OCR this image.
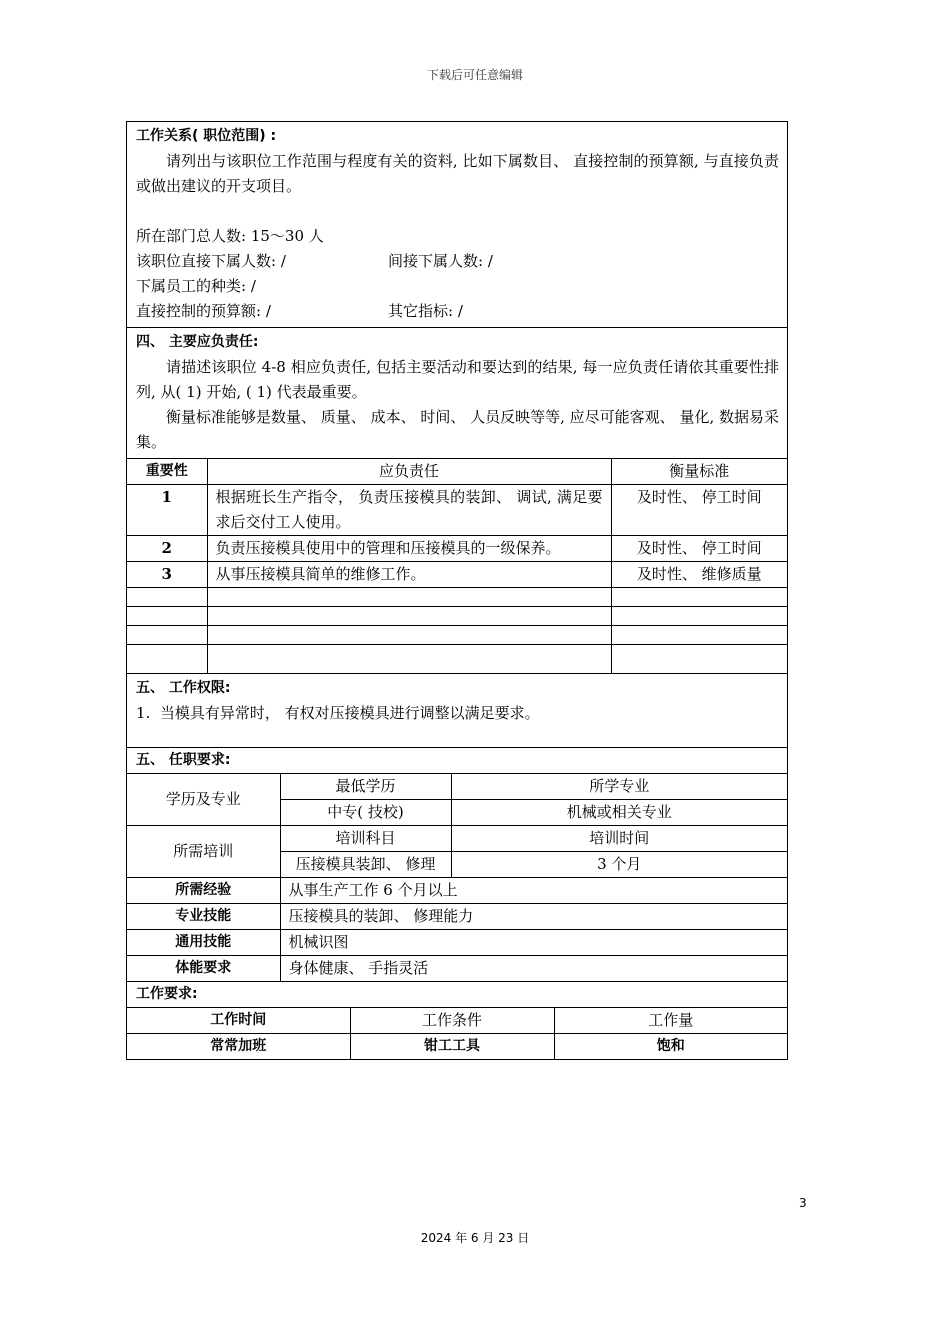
下载后可任意编辑
工作关系( 职位范围) :
请列出与该职位工作范围与程度有关的资料, 比如下属数目、 直接控制的预算额, 与直接负责或做出建议的开支项目。
所在部门总人数: 15～30 人
该职位直接下属人数: /	间接下属人数: /
下属员工的种类: /
直接控制的预算额: /	其它指标: /
四、 主要应负责任:
请描述该职位 4-8 相应负责任, 包括主要活动和要达到的结果, 每一应负责任请依其重要性排列, 从( 1) 开始, ( 1) 代表最重要。
衡量标准能够是数量、 质量、 成本、 时间、 人员反映等等, 应尽可能客观、 量化, 数据易采集。
重要性	应负责任	衡量标准
1	根据班长生产指令， 负责压接模具的装卸、 调试, 满足要求后交付工人使用。	及时性、 停工时间
2	负责压接模具使用中的管理和压接模具的一级保养。	及时性、 停工时间
3	从事压接模具简单的维修工作。	及时性、 维修质量

五、 工作权限:
1. 当模具有异常时， 有权对压接模具进行调整以满足要求。
五、 任职要求:
学历及专业	最低学历	所学专业
	中专( 技校)	机械或相关专业
所需培训	培训科目	培训时间
	压接模具装卸、 修理	3 个月
所需经验	从事生产工作 6 个月以上	
专业技能	压接模具的装卸、 修理能力	
通用技能	机械识图	
体能要求	身体健康、 手指灵活	
工作要求:
工作时间	工作条件	工作量
常常加班	钳工工具	饱和
3
2024 年 6 月 23 日
